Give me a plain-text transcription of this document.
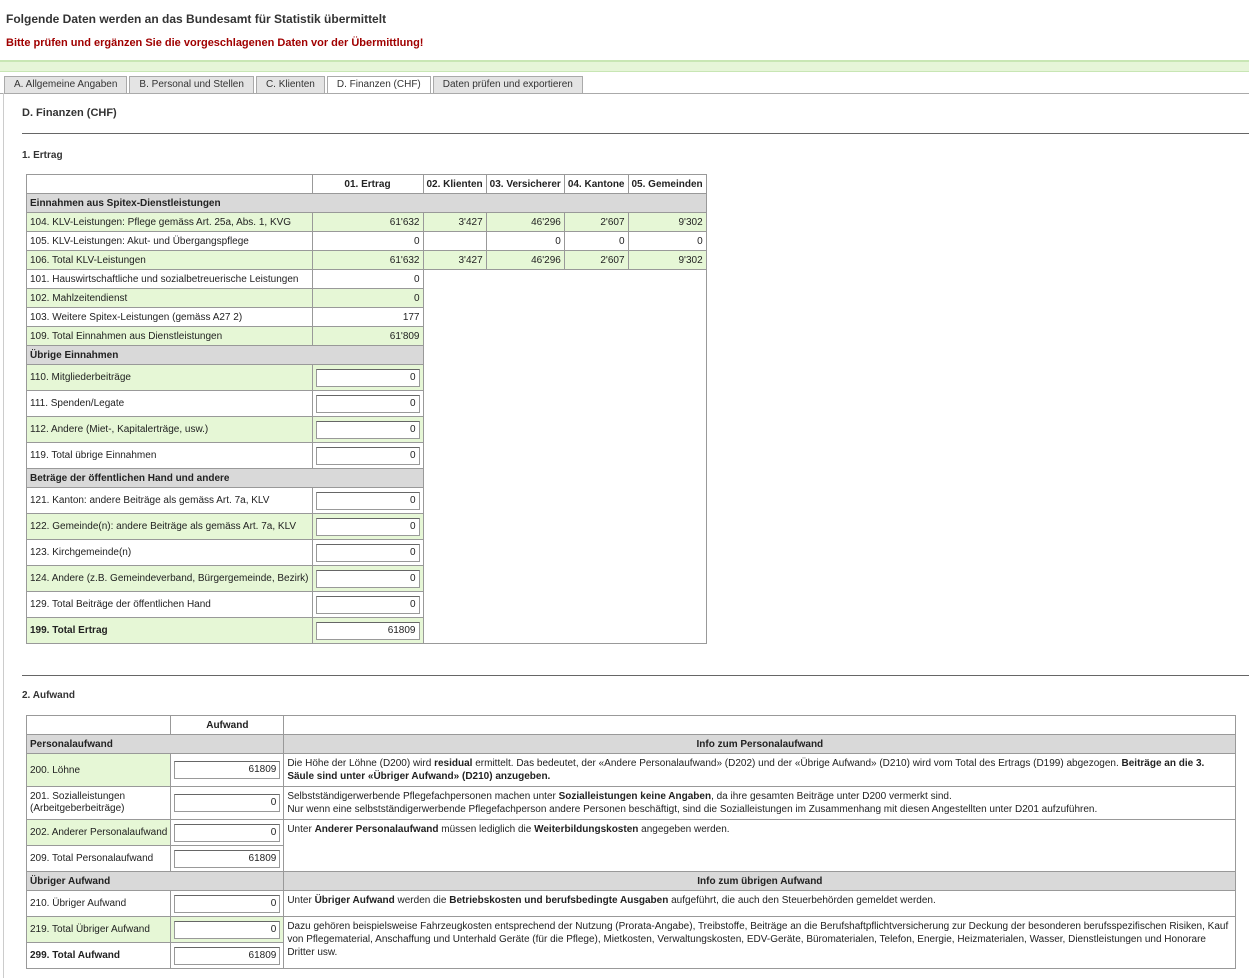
Folgende Daten werden an das Bundesamt für Statistik übermittelt
Bitte prüfen und ergänzen Sie die vorgeschlagenen Daten vor der Übermittlung!
A. Allgemeine Angaben	B. Personal und Stellen	C. Klienten	D. Finanzen (CHF)	Daten prüfen und exportieren
D. Finanzen (CHF)
1. Ertrag
	01. Ertrag	02. Klienten	03. Versicherer	04. Kantone	05. Gemeinden
Einnahmen aus Spitex-Dienstleistungen					
104. KLV-Leistungen: Pflege gemäss Art. 25a, Abs. 1, KVG	61'632	3'427	46'296	2'607	9'302
105. KLV-Leistungen: Akut- und Übergangspflege	0		0	0	0
106. Total KLV-Leistungen	61'632	3'427	46'296	2'607	9'302
101. Hauswirtschaftliche und sozialbetreuerische Leistungen	0				
102. Mahlzeitendienst	0				
103. Weitere Spitex-Leistungen (gemäss A27 2)	177				
109. Total Einnahmen aus Dienstleistungen	61'809				
Übrige Einnahmen					
110. Mitgliederbeiträge	0				
111. Spenden/Legate	0				
112. Andere (Miet-, Kapitalerträge, usw.)	0				
119. Total übrige Einnahmen	0				
Beträge der öffentlichen Hand und andere					
121. Kanton: andere Beiträge als gemäss Art. 7a, KLV	0				
122. Gemeinde(n): andere Beiträge als gemäss Art. 7a, KLV	0				
123. Kirchgemeinde(n)	0				
124. Andere (z.B. Gemeindeverband, Bürgergemeinde, Bezirk)	0				
129. Total Beiträge der öffentlichen Hand	0				
199. Total Ertrag	61809				
2. Aufwand
	Aufwand	
Personalaufwand		Info zum Personalaufwand
200. Löhne	61809	Die Höhe der Löhne (D200) wird residual ermittelt. Das bedeutet, der «Andere Personalaufwand» (D202) und der «Übrige Aufwand» (D210) wird vom Total des Ertrags (D199) abgezogen. Beiträge an die 3. Säule sind unter «Übriger Aufwand» (D210) anzugeben.
201. Sozialleistungen (Arbeitgeberbeiträge)	0	Selbstständigerwerbende Pflegefachpersonen machen unter Sozialleistungen keine Angaben, da ihre gesamten Beiträge unter D200 vermerkt sind.
Nur wenn eine selbstständigerwerbende Pflegefachperson andere Personen beschäftigt, sind die Sozialleistungen im Zusammenhang mit diesen Angestellten unter D201 aufzuführen.
202. Anderer Personalaufwand	0	Unter Anderer Personalaufwand müssen lediglich die Weiterbildungskosten angegeben werden.
209. Total Personalaufwand	61809	
Übriger Aufwand		Info zum übrigen Aufwand
210. Übriger Aufwand	0	Unter Übriger Aufwand werden die Betriebskosten und berufsbedingte Ausgaben aufgeführt, die auch den Steuerbehörden gemeldet werden.
219. Total Übriger Aufwand	0	Dazu gehören beispielsweise Fahrzeugkosten entsprechend der Nutzung (Prorata-Angabe), Treibstoffe, Beiträge an die Berufshaftpflichtversicherung zur Deckung der besonderen berufsspezifischen Risiken, Kauf von Pflegematerial, Anschaffung und Unterhald Geräte (für die Pflege), Mietkosten, Verwaltungskosten, EDV-Geräte, Büromaterialen, Telefon, Energie, Heizmaterialen, Wasser, Dienstleistungen und Honorare Dritter usw.
299. Total Aufwand	61809	
